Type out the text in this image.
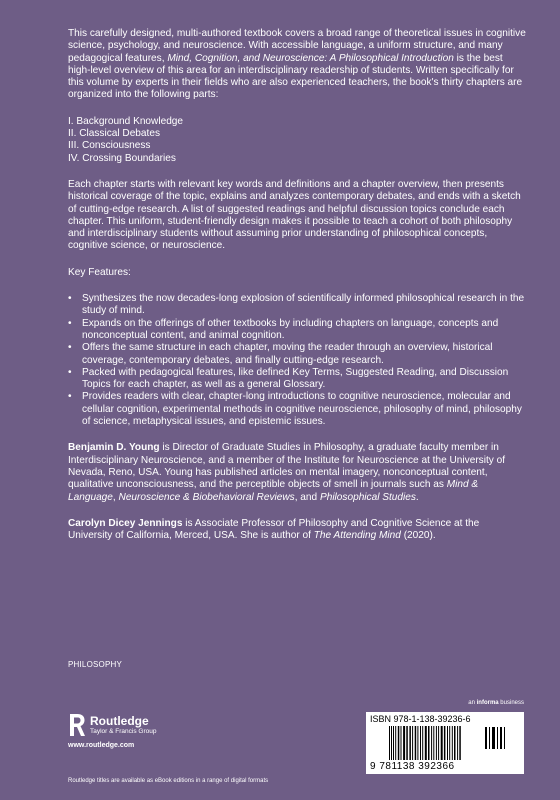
This carefully designed, multi-authored textbook covers a broad range of theoretical issues in cognitive science, psychology, and neuroscience. With accessible language, a uniform structure, and many pedagogical features, Mind, Cognition, and Neuroscience: A Philosophical Introduction is the best high-level overview of this area for an interdisciplinary readership of students. Written specifically for this volume by experts in their fields who are also experienced teachers, the book's thirty chapters are organized into the following parts:

I. Background Knowledge
II. Classical Debates
III. Consciousness
IV. Crossing Boundaries

Each chapter starts with relevant key words and definitions and a chapter overview, then presents historical coverage of the topic, explains and analyzes contemporary debates, and ends with a sketch of cutting-edge research. A list of suggested readings and helpful discussion topics conclude each chapter. This uniform, student-friendly design makes it possible to teach a cohort of both philosophy and interdisciplinary students without assuming prior understanding of philosophical concepts, cognitive science, or neuroscience.

Key Features:

• Synthesizes the now decades-long explosion of scientifically informed philosophical research in the study of mind.
• Expands on the offerings of other textbooks by including chapters on language, concepts and nonconceptual content, and animal cognition.
• Offers the same structure in each chapter, moving the reader through an overview, historical coverage, contemporary debates, and finally cutting-edge research.
• Packed with pedagogical features, like defined Key Terms, Suggested Reading, and Discussion Topics for each chapter, as well as a general Glossary.
• Provides readers with clear, chapter-long introductions to cognitive neuroscience, molecular and cellular cognition, experimental methods in cognitive neuroscience, philosophy of mind, philosophy of science, metaphysical issues, and epistemic issues.

Benjamin D. Young is Director of Graduate Studies in Philosophy, a graduate faculty member in Interdisciplinary Neuroscience, and a member of the Institute for Neuroscience at the University of Nevada, Reno, USA. Young has published articles on mental imagery, nonconceptual content, qualitative unconsciousness, and the perceptible objects of smell in journals such as Mind & Language, Neuroscience & Biobehavioral Reviews, and Philosophical Studies.

Carolyn Dicey Jennings is Associate Professor of Philosophy and Cognitive Science at the University of California, Merced, USA. She is author of The Attending Mind (2020).

PHILOSOPHY
an informa business
Routledge
Taylor & Francis Group
www.routledge.com
ISBN 978-1-138-39236-6
9 781138 392366
Routledge titles are available as eBook editions in a range of digital formats
